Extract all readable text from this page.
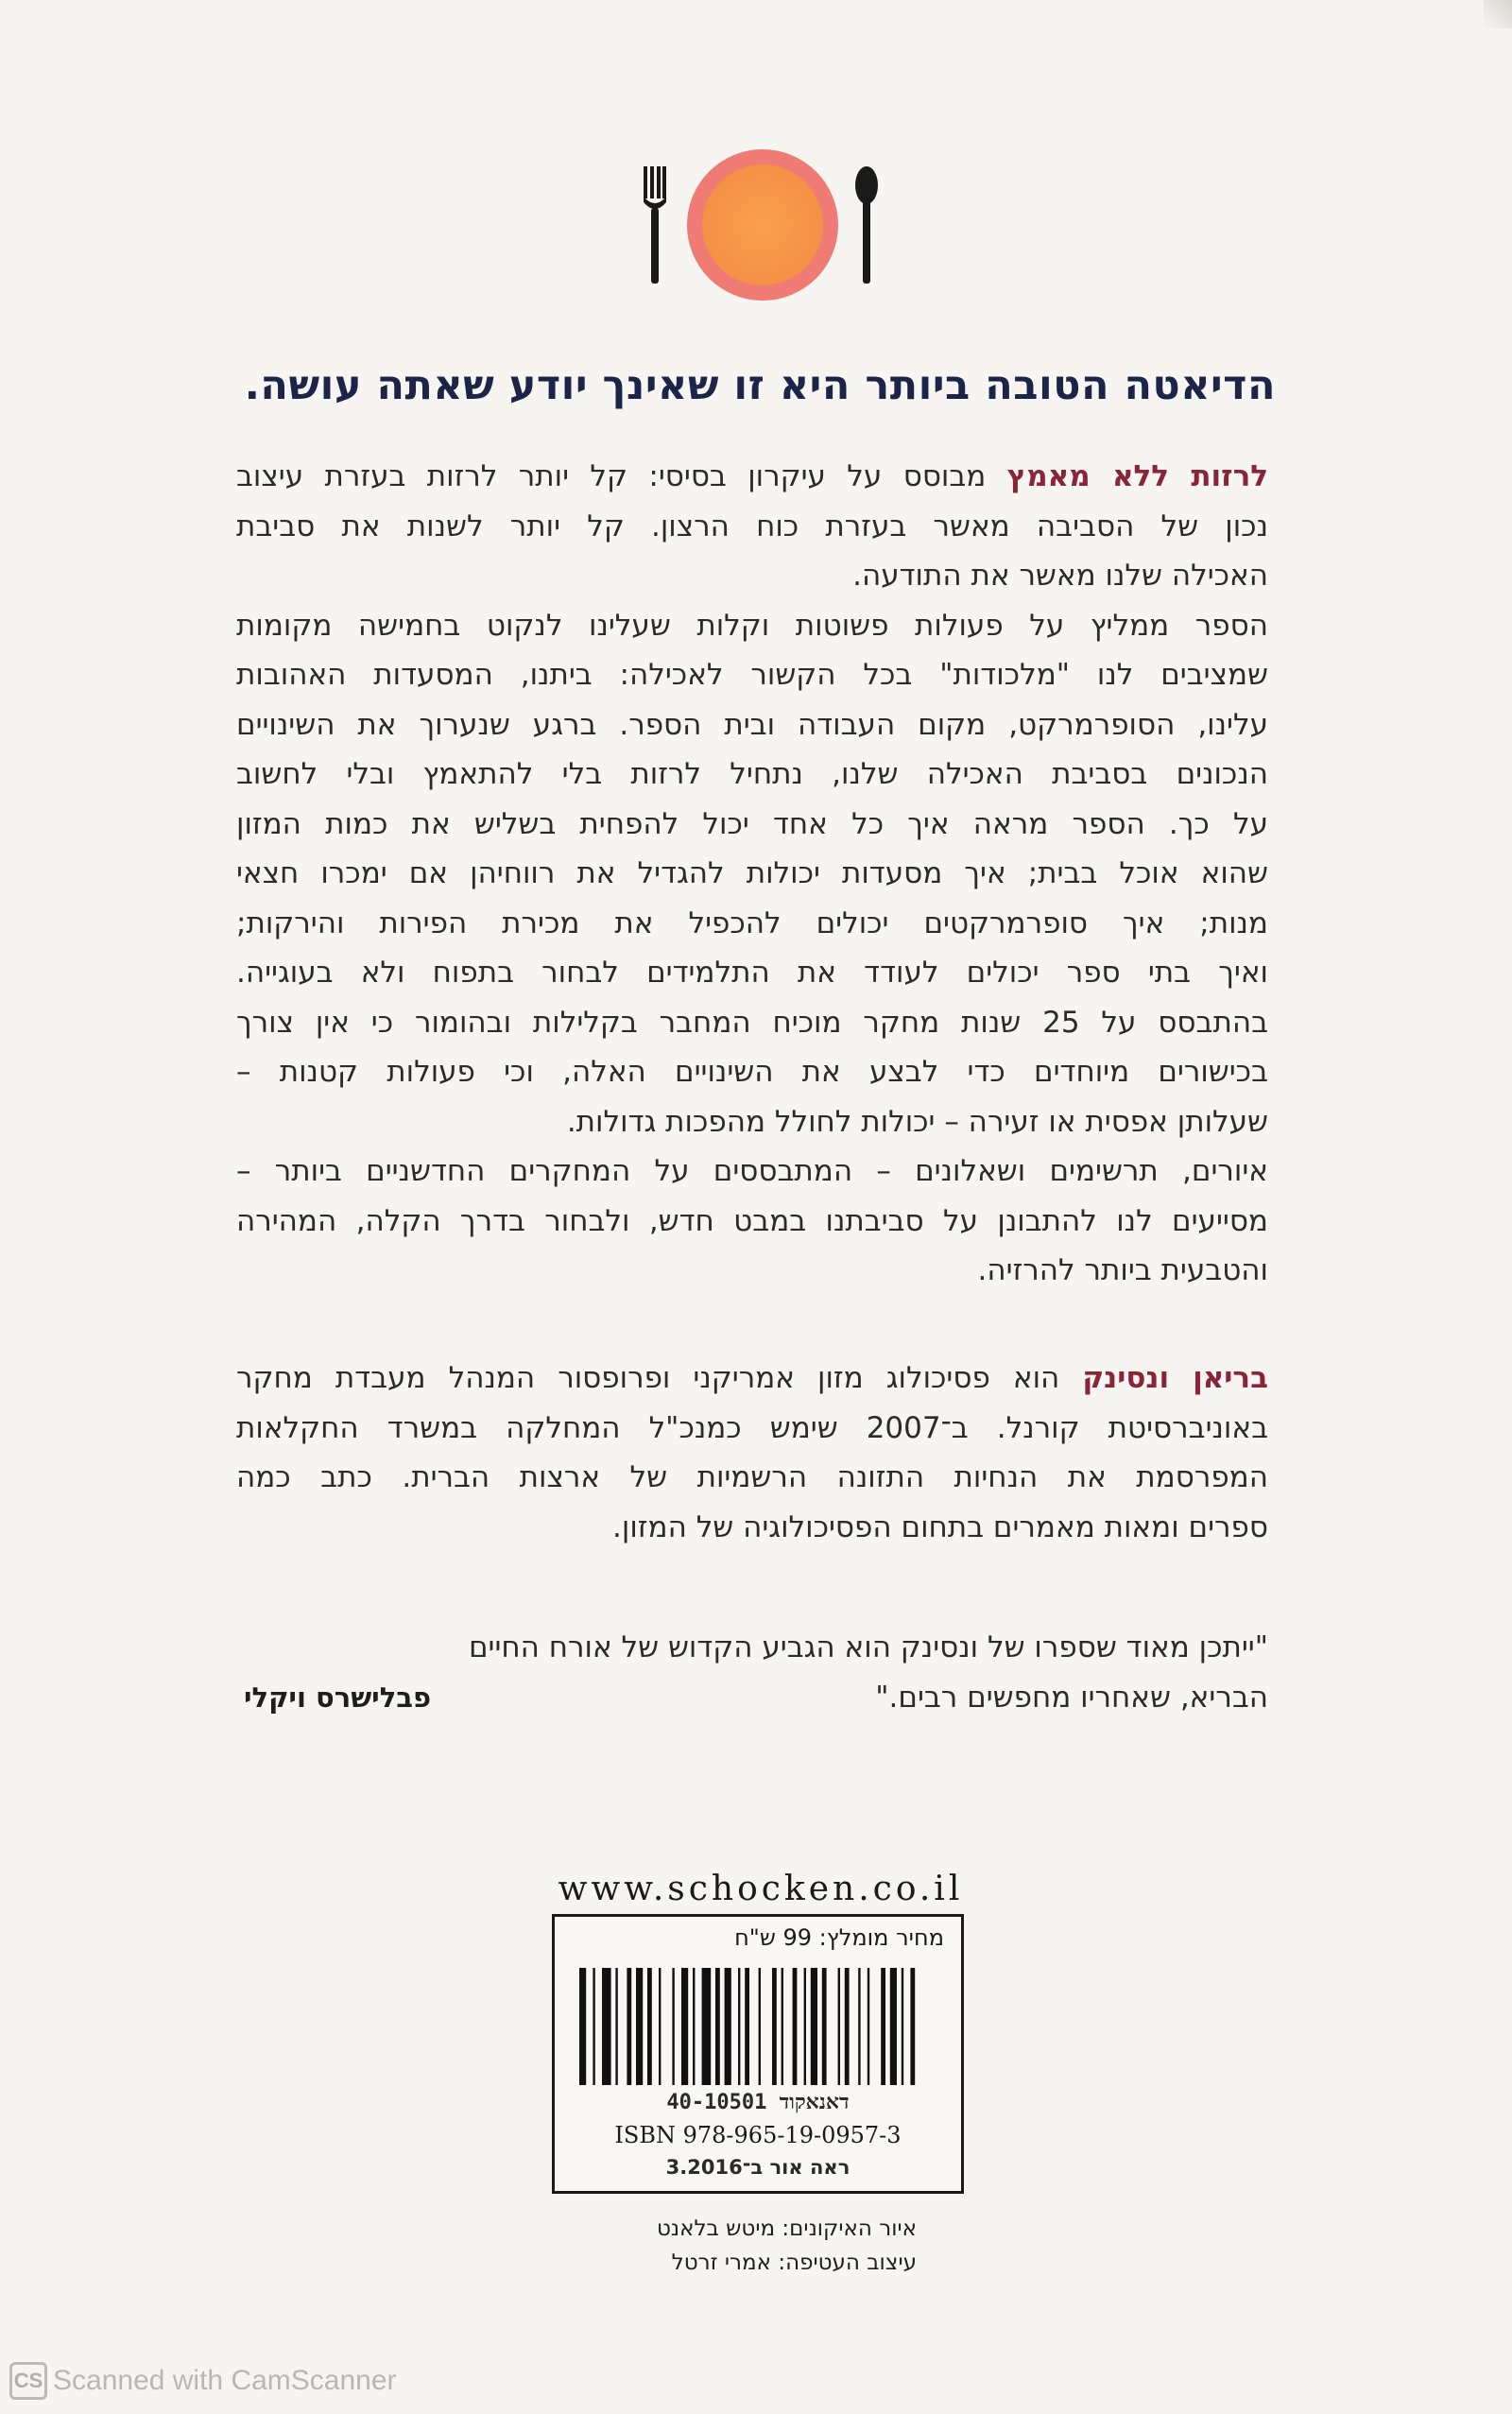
הדיאטה הטובה ביותר היא זו שאינך יודע שאתה עושה.

לרזות ללא מאמץ מבוסס על עיקרון בסיסי: קל יותר לרזות בעזרת עיצוב
נכון של הסביבה מאשר בעזרת כוח הרצון. קל יותר לשנות את סביבת
האכילה שלנו מאשר את התודעה.
הספר ממליץ על פעולות פשוטות וקלות שעלינו לנקוט בחמישה מקומות
שמציבים לנו "מלכודות" בכל הקשור לאכילה: ביתנו, המסעדות האהובות
עלינו, הסופרמרקט, מקום העבודה ובית הספר. ברגע שנערוך את השינויים
הנכונים בסביבת האכילה שלנו, נתחיל לרזות בלי להתאמץ ובלי לחשוב
על כך. הספר מראה איך כל אחד יכול להפחית בשליש את כמות המזון
שהוא אוכל בבית; איך מסעדות יכולות להגדיל את רווחיהן אם ימכרו חצאי
מנות; איך סופרמרקטים יכולים להכפיל את מכירת הפירות והירקות;
ואיך בתי ספר יכולים לעודד את התלמידים לבחור בתפוח ולא בעוגייה.
בהתבסס על 25 שנות מחקר מוכיח המחבר בקלילות ובהומור כי אין צורך
בכישורים מיוחדים כדי לבצע את השינויים האלה, וכי פעולות קטנות –
שעלותן אפסית או זעירה – יכולות לחולל מהפכות גדולות.
איורים, תרשימים ושאלונים – המתבססים על המחקרים החדשניים ביותר –
מסייעים לנו להתבונן על סביבתנו במבט חדש, ולבחור בדרך הקלה, המהירה
והטבעית ביותר להרזיה.

בריאן ונסינק הוא פסיכולוג מזון אמריקני ופרופסור המנהל מעבדת מחקר
באוניברסיטת קורנל. ב־2007 שימש כמנכ"ל המחלקה במשרד החקלאות
המפרסמת את הנחיות התזונה הרשמיות של ארצות הברית. כתב כמה
ספרים ומאות מאמרים בתחום הפסיכולוגיה של המזון.

"ייתכן מאוד שספרו של ונסינק הוא הגביע הקדוש של אורח החיים
הבריא, שאחריו מחפשים רבים."

פבלישרס ויקלי
www.schocken.co.il
מחיר מומלץ: 99 ש"ח
דאנאקוד 40-10501
ISBN 978-965-19-0957-3
ראה אור ב־3.2016
איור האיקונים: מיטש בלאנט
עיצוב העטיפה: אמרי זרטל
CS Scanned with CamScanner
